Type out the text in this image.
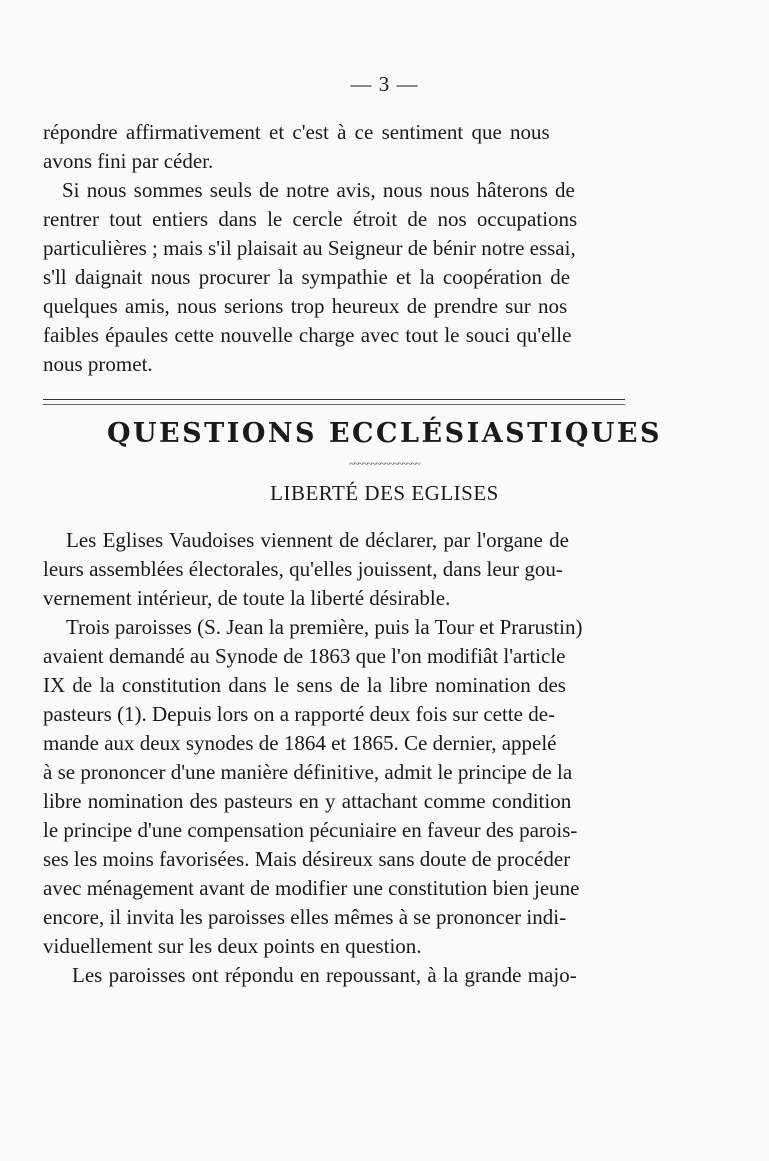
— 3 —
répondre affirmativement et c'est à ce sentiment que nous
avons fini par céder.
Si nous sommes seuls de notre avis, nous nous hâterons de
rentrer tout entiers dans le cercle étroit de nos occupations
particulières ; mais s'il plaisait au Seigneur de bénir notre essai,
s'll daignait nous procurer la sympathie et la coopération de
quelques amis, nous serions trop heureux de prendre sur nos
faibles épaules cette nouvelle charge avec tout le souci qu'elle
nous promet.
QUESTIONS ECCLÉSIASTIQUES
~~~~~~~~~~~~~~~~
LIBERTÉ DES EGLISES
Les Eglises Vaudoises viennent de déclarer, par l'organe de
leurs assemblées électorales, qu'elles jouissent, dans leur gou-
vernement intérieur, de toute la liberté désirable.
Trois paroisses (S. Jean la première, puis la Tour et Prarustin)
avaient demandé au Synode de 1863 que l'on modifiât l'article
IX de la constitution dans le sens de la libre nomination des
pasteurs (1). Depuis lors on a rapporté deux fois sur cette de-
mande aux deux synodes de 1864 et 1865. Ce dernier, appelé
à se prononcer d'une manière définitive, admit le principe de la
libre nomination des pasteurs en y attachant comme condition
le principe d'une compensation pécuniaire en faveur des parois-
ses les moins favorisées. Mais désireux sans doute de procéder
avec ménagement avant de modifier une constitution bien jeune
encore, il invita les paroisses elles mêmes à se prononcer indi-
viduellement sur les deux points en question.
Les paroisses ont répondu en repoussant, à la grande majo-
